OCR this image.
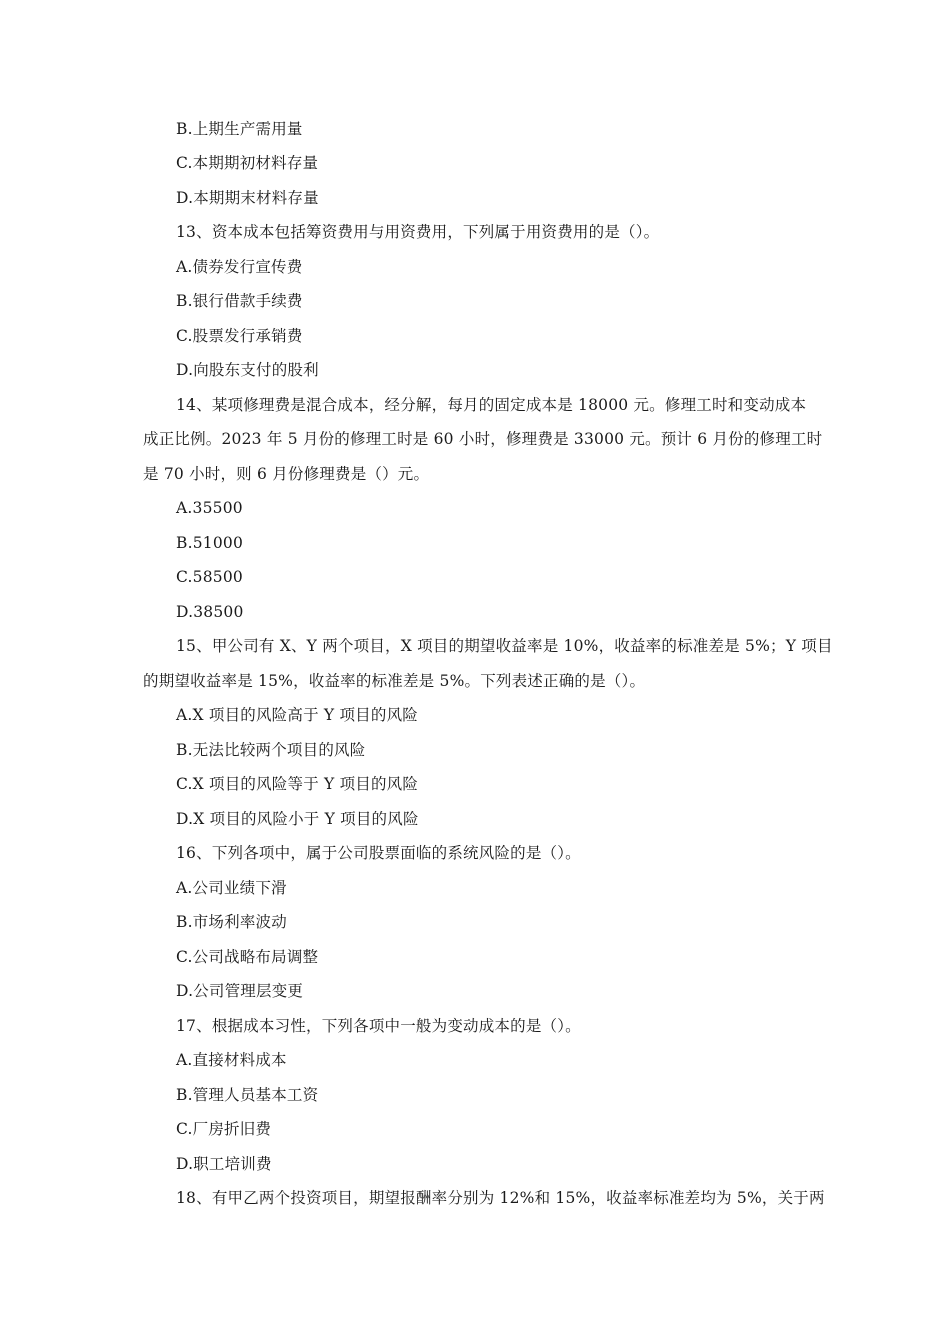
B.上期生产需用量
C.本期期初材料存量
D.本期期末材料存量
13、资本成本包括筹资费用与用资费用，下列属于用资费用的是（）。
A.债券发行宣传费
B.银行借款手续费
C.股票发行承销费
D.向股东支付的股利
14、某项修理费是混合成本，经分解，每月的固定成本是 18000 元。修理工时和变动成本
成正比例。2023 年 5 月份的修理工时是 60 小时，修理费是 33000 元。预计 6 月份的修理工时
是 70 小时，则 6 月份修理费是（）元。
A.35500
B.51000
C.58500
D.38500
15、甲公司有 X、Y 两个项目，X 项目的期望收益率是 10%，收益率的标准差是 5%；Y 项目
的期望收益率是 15%，收益率的标准差是 5%。下列表述正确的是（）。
A.X 项目的风险高于 Y 项目的风险
B.无法比较两个项目的风险
C.X 项目的风险等于 Y 项目的风险
D.X 项目的风险小于 Y 项目的风险
16、下列各项中，属于公司股票面临的系统风险的是（）。
A.公司业绩下滑
B.市场利率波动
C.公司战略布局调整
D.公司管理层变更
17、根据成本习性，下列各项中一般为变动成本的是（）。
A.直接材料成本
B.管理人员基本工资
C.厂房折旧费
D.职工培训费
18、有甲乙两个投资项目，期望报酬率分别为 12%和 15%，收益率标准差均为 5%，关于两
